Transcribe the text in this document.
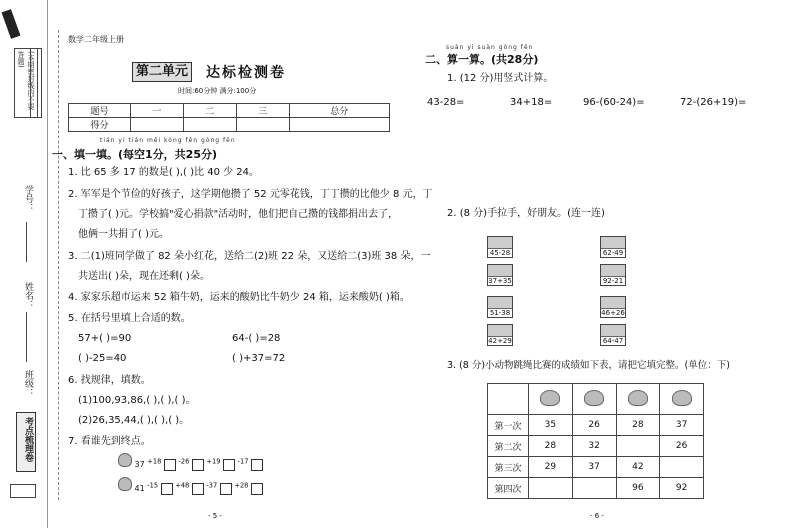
(本期密封线内不要答题)
学号：
姓名：
班级：
考点梳理卷
数学二年级上册
第二单元 达标检测卷
时间:60分钟 满分:100分
题号	一	二	三	总分
得分				
tián yi tián měi kòng fēn gòng fēn
一、填一填。(每空1分，共25分)
1. 比 65 多 17 的数是( ),( )比 40 少 24。
2. 军军是个节俭的好孩子，这学期他攒了 52 元零花钱，丁丁攒的比他少 8 元，丁
丁攒了( )元。学校搞"爱心捐款"活动时，他们把自己攒的钱都捐出去了，
他俩一共捐了( )元。
3. 二(1)班同学做了 82 朵小红花，送给二(2)班 22 朵，又送给二(3)班 38 朵，一
共送出( )朵，现在还剩( )朵。
4. 家家乐超市运来 52 箱牛奶，运来的酸奶比牛奶少 24 箱，运来酸奶( )箱。
5. 在括号里填上合适的数。
57+( )=90	64-( )=28
( )-25=40	( )+37=72
6. 找规律，填数。
(1)100,93,86,( ),( ),( )。
(2)26,35,44,( ),( ),( )。
7. 看谁先到终点。
37 $^{+18}$	$^{-26}$	$^{+19}$	$^{-17}$
41 $^{-15}$	$^{+48}$	$^{-37}$	$^{+28}$
- 5 -
suàn yi suàn gòng fēn
二、算一算。(共28分)
1. (12 分)用竖式计算。
43-28=	34+18=	96-(60-24)=	72-(26+19)=
2. (8 分)手拉手，好朋友。(连一连)
45-28
37+35
51-38
42+29
62-49
92-21
46+26
64-47
3. (8 分)小动物跳绳比赛的成绩如下表，请把它填完整。(单位：下)

第一次	35	26	28	37
第二次	28	32		26
第三次	29	37	42	
第四次			96	92
- 6 -
